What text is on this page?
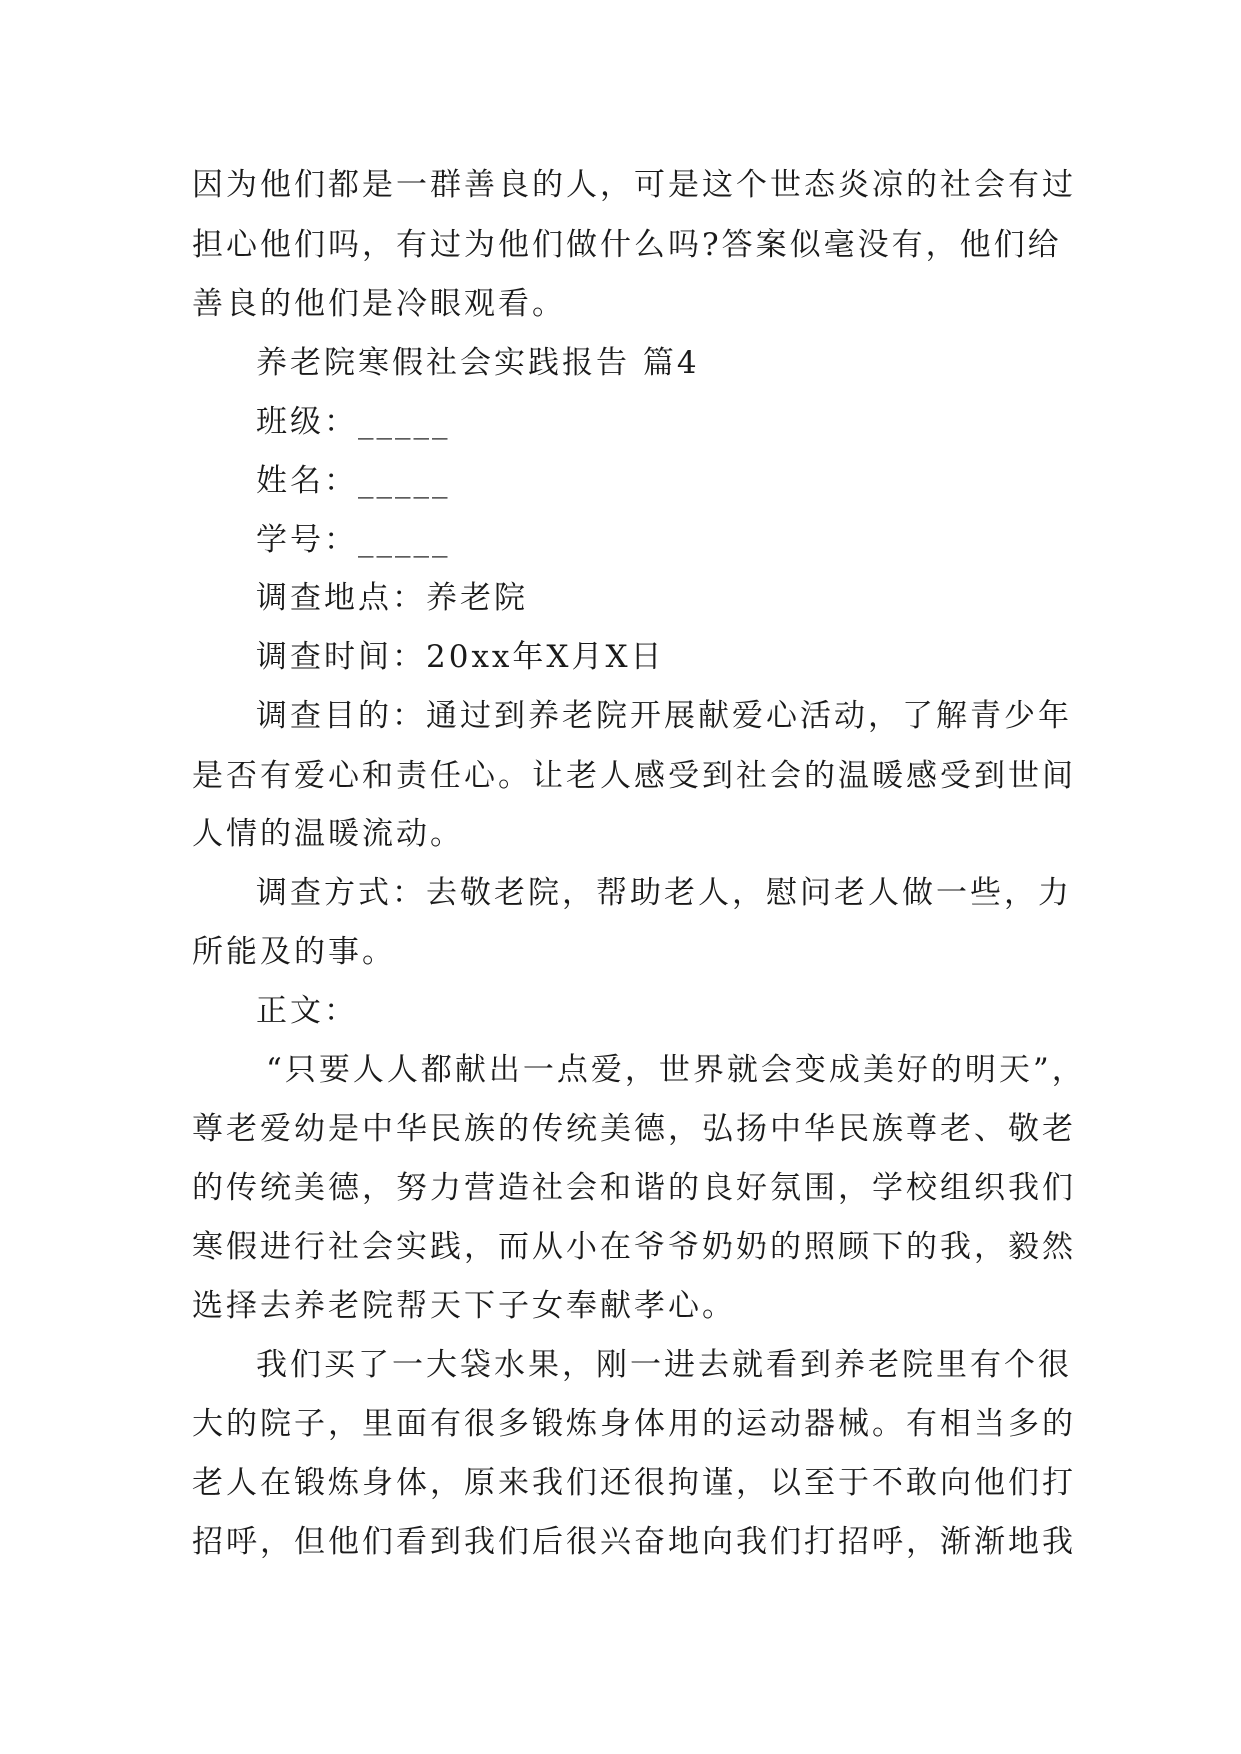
因为他们都是一群善良的人，可是这个世态炎凉的社会有过

担心他们吗，有过为他们做什么吗?答案似毫没有，他们给

善良的他们是冷眼观看。

养老院寒假社会实践报告 篇4

班级：_____

姓名：_____

学号：_____

调查地点：养老院

调查时间：20xx年X月X日

调查目的：通过到养老院开展献爱心活动，了解青少年

是否有爱心和责任心。让老人感受到社会的温暖感受到世间

人情的温暖流动。

调查方式：去敬老院，帮助老人，慰问老人做一些，力

所能及的事。

正文：

“只要人人都献出一点爱，世界就会变成美好的明天”，

尊老爱幼是中华民族的传统美德，弘扬中华民族尊老、敬老

的传统美德，努力营造社会和谐的良好氛围，学校组织我们

寒假进行社会实践，而从小在爷爷奶奶的照顾下的我，毅然

选择去养老院帮天下子女奉献孝心。

我们买了一大袋水果，刚一进去就看到养老院里有个很

大的院子，里面有很多锻炼身体用的运动器械。有相当多的

老人在锻炼身体，原来我们还很拘谨，以至于不敢向他们打

招呼，但他们看到我们后很兴奋地向我们打招呼，渐渐地我
